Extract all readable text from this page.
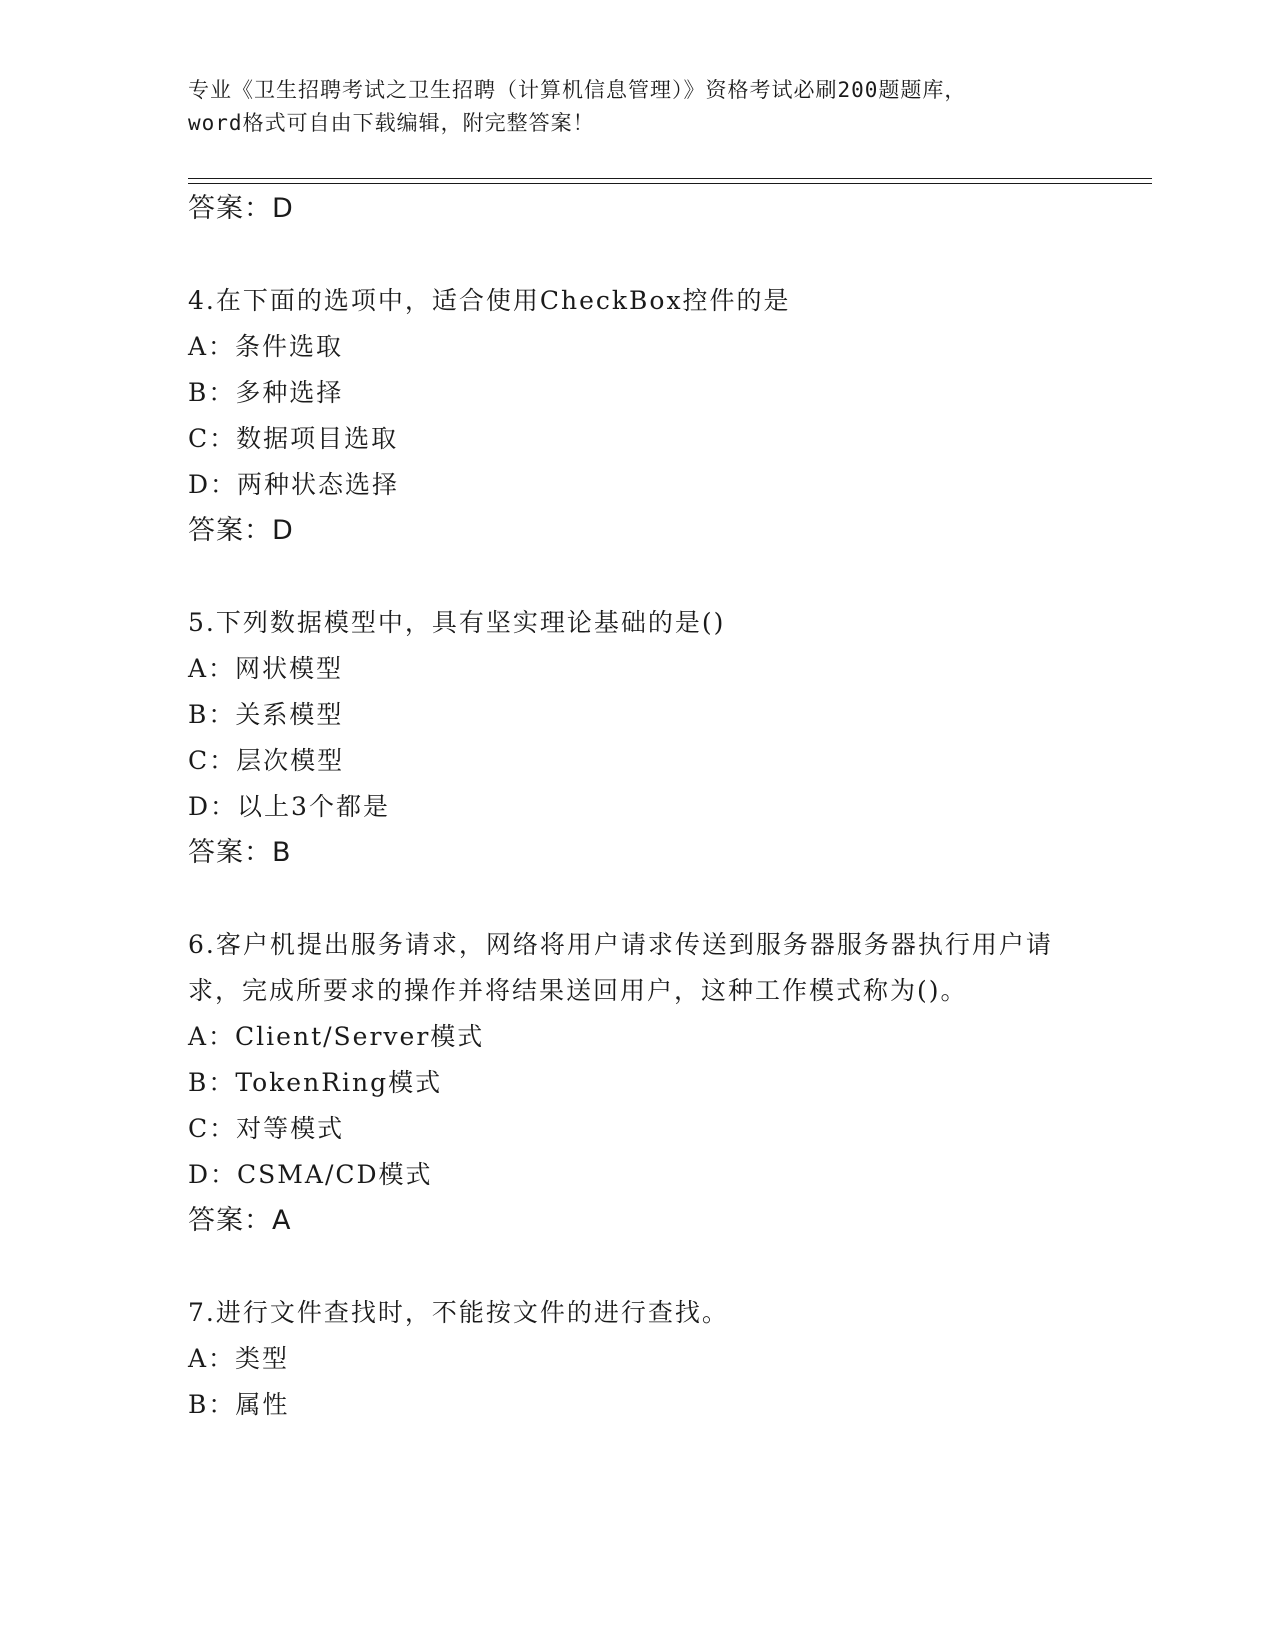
专业《卫生招聘考试之卫生招聘（计算机信息管理）》资格考试必刷200题题库，
word格式可自由下载编辑，附完整答案！
答案：D

4.在下面的选项中，适合使用CheckBox控件的是

A：条件选取
B：多种选择
C：数据项目选取
D：两种状态选择
答案：D

5.下列数据模型中，具有坚实理论基础的是()

A：网状模型
B：关系模型
C：层次模型
D：以上3个都是
答案：B

6.客户机提出服务请求，网络将用户请求传送到服务器服务器执行用户请求，完成所要求的操作并将结果送回用户，这种工作模式称为()。

A：Client/Server模式
B：TokenRing模式
C：对等模式
D：CSMA/CD模式
答案：A

7.进行文件查找时，不能按文件的进行查找。

A：类型
B：属性
